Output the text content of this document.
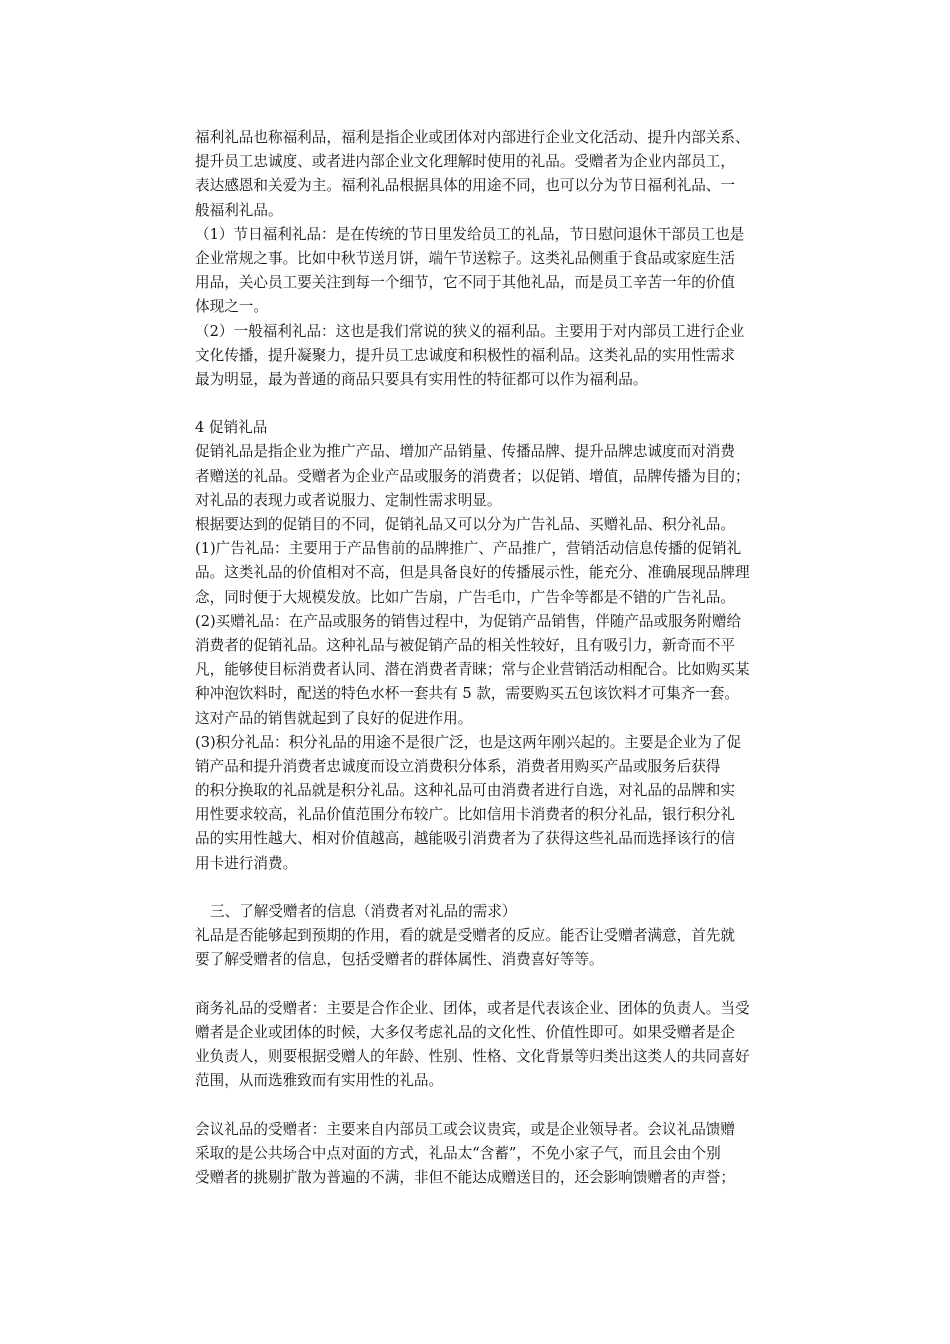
福利礼品也称福利品，福利是指企业或团体对内部进行企业文化活动、提升内部关系、
提升员工忠诚度、或者进内部企业文化理解时使用的礼品。受赠者为企业内部员工，
表达感恩和关爱为主。福利礼品根据具体的用途不同，也可以分为节日福利礼品、一
般福利礼品。
（1）节日福利礼品：是在传统的节日里发给员工的礼品，节日慰问退休干部员工也是
企业常规之事。比如中秋节送月饼，端午节送粽子。这类礼品侧重于食品或家庭生活
用品，关心员工要关注到每一个细节，它不同于其他礼品，而是员工辛苦一年的价值
体现之一。
（2）一般福利礼品：这也是我们常说的狭义的福利品。主要用于对内部员工进行企业
文化传播，提升凝聚力，提升员工忠诚度和积极性的福利品。这类礼品的实用性需求
最为明显，最为普通的商品只要具有实用性的特征都可以作为福利品。
4 促销礼品
促销礼品是指企业为推广产品、增加产品销量、传播品牌、提升品牌忠诚度而对消费
者赠送的礼品。受赠者为企业产品或服务的消费者；以促销、增值，品牌传播为目的；
对礼品的表现力或者说服力、定制性需求明显。
根据要达到的促销目的不同，促销礼品又可以分为广告礼品、买赠礼品、积分礼品。
(1)广告礼品：主要用于产品售前的品牌推广、产品推广，营销活动信息传播的促销礼
品。这类礼品的价值相对不高，但是具备良好的传播展示性，能充分、准确展现品牌理
念，同时便于大规模发放。比如广告扇，广告毛巾，广告伞等都是不错的广告礼品。
(2)买赠礼品：在产品或服务的销售过程中，为促销产品销售，伴随产品或服务附赠给
消费者的促销礼品。这种礼品与被促销产品的相关性较好，且有吸引力，新奇而不平
凡，能够使目标消费者认同、潜在消费者青睐；常与企业营销活动相配合。比如购买某
种冲泡饮料时，配送的特色水杯一套共有 5 款，需要购买五包该饮料才可集齐一套。
这对产品的销售就起到了良好的促进作用。
(3)积分礼品：积分礼品的用途不是很广泛，也是这两年刚兴起的。主要是企业为了促
销产品和提升消费者忠诚度而设立消费积分体系，消费者用购买产品或服务后获得
的积分换取的礼品就是积分礼品。这种礼品可由消费者进行自选，对礼品的品牌和实
用性要求较高，礼品价值范围分布较广。比如信用卡消费者的积分礼品，银行积分礼
品的实用性越大、相对价值越高，越能吸引消费者为了获得这些礼品而选择该行的信
用卡进行消费。
三、了解受赠者的信息（消费者对礼品的需求）
礼品是否能够起到预期的作用，看的就是受赠者的反应。能否让受赠者满意，首先就
要了解受赠者的信息，包括受赠者的群体属性、消费喜好等等。
商务礼品的受赠者：主要是合作企业、团体，或者是代表该企业、团体的负责人。当受
赠者是企业或团体的时候，大多仅考虑礼品的文化性、价值性即可。如果受赠者是企
业负责人，则要根据受赠人的年龄、性别、性格、文化背景等归类出这类人的共同喜好
范围，从而选雅致而有实用性的礼品。
会议礼品的受赠者：主要来自内部员工或会议贵宾，或是企业领导者。会议礼品馈赠
采取的是公共场合中点对面的方式，礼品太“含蓄”，不免小家子气，而且会由个别
受赠者的挑剔扩散为普遍的不满，非但不能达成赠送目的，还会影响馈赠者的声誉；
